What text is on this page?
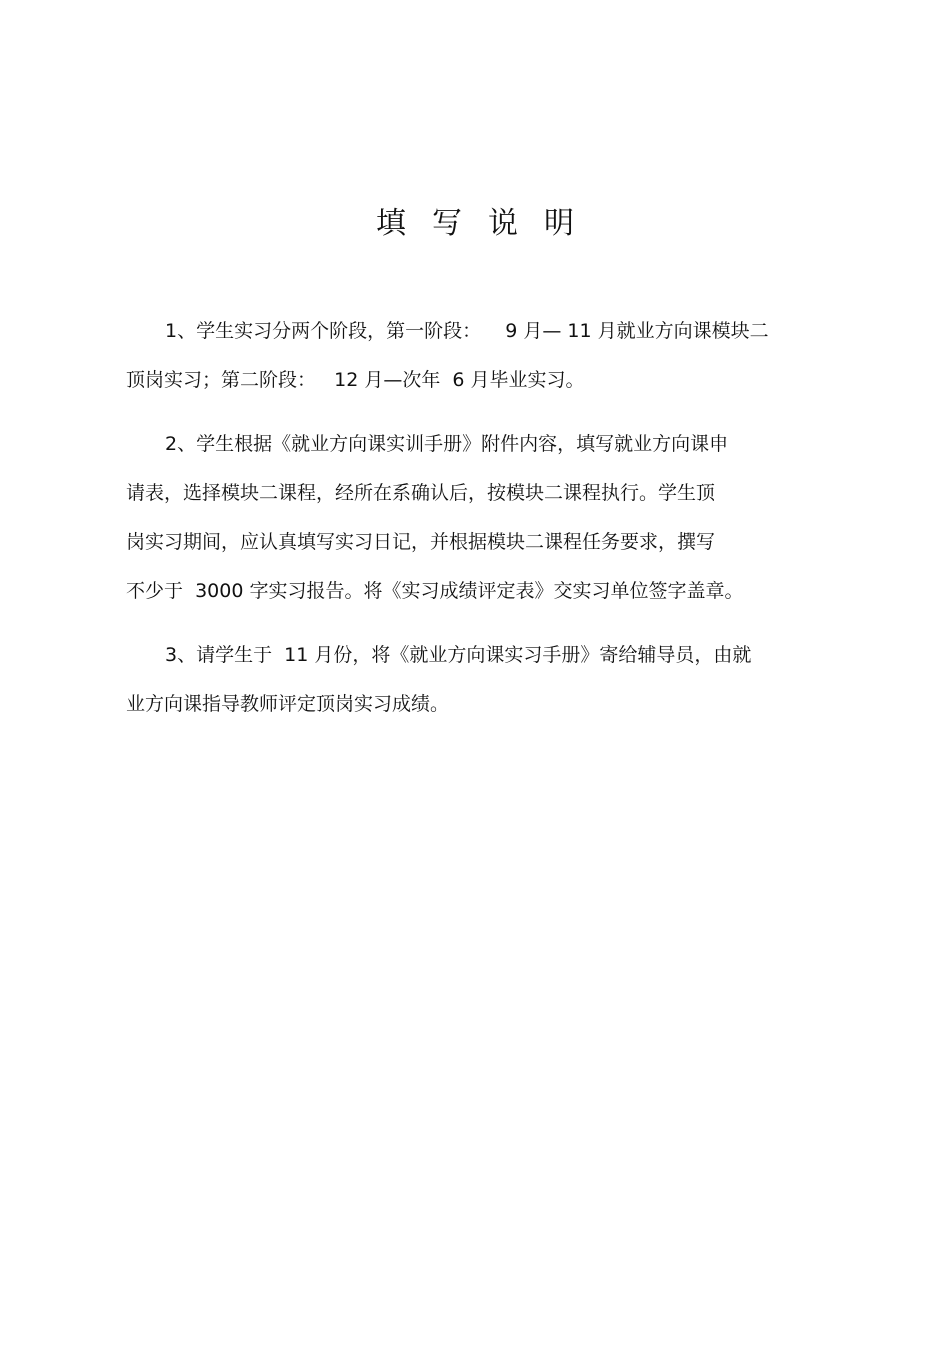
填写说明
1、学生实习分两个阶段，第一阶段：    9 月— 11 月就业方向课模块二
顶岗实习；第二阶段：   12 月—次年  6 月毕业实习。
2、学生根据《就业方向课实训手册》附件内容，填写就业方向课申
请表，选择模块二课程，经所在系确认后，按模块二课程执行。学生顶
岗实习期间，应认真填写实习日记，并根据模块二课程任务要求，撰写
不少于  3000 字实习报告。将《实习成绩评定表》交实习单位签字盖章。
3、请学生于  11 月份，将《就业方向课实习手册》寄给辅导员，由就
业方向课指导教师评定顶岗实习成绩。
